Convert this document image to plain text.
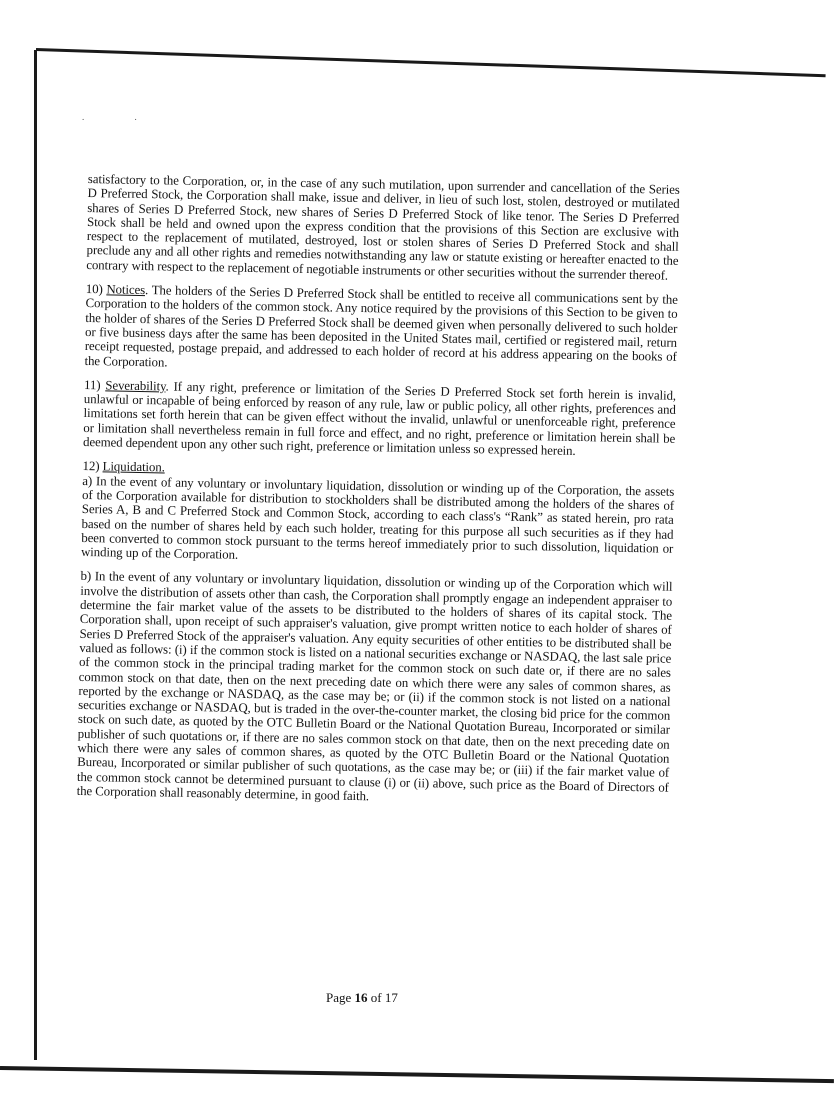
. .

satisfactory to the Corporation, or, in the case of any such mutilation, upon surrender and cancellation of the Series D Preferred Stock, the Corporation shall make, issue and deliver, in lieu of such lost, stolen, destroyed or mutilated shares of Series D Preferred Stock, new shares of Series D Preferred Stock of like tenor. The Series D Preferred Stock shall be held and owned upon the express condition that the provisions of this Section are exclusive with respect to the replacement of mutilated, destroyed, lost or stolen shares of Series D Preferred Stock and shall preclude any and all other rights and remedies notwithstanding any law or statute existing or hereafter enacted to the contrary with respect to the replacement of negotiable instruments or other securities without the surrender thereof.

10) Notices. The holders of the Series D Preferred Stock shall be entitled to receive all communications sent by the Corporation to the holders of the common stock. Any notice required by the provisions of this Section to be given to the holder of shares of the Series D Preferred Stock shall be deemed given when personally delivered to such holder or five business days after the same has been deposited in the United States mail, certified or registered mail, return receipt requested, postage prepaid, and addressed to each holder of record at his address appearing on the books of the Corporation.

11) Severability. If any right, preference or limitation of the Series D Preferred Stock set forth herein is invalid, unlawful or incapable of being enforced by reason of any rule, law or public policy, all other rights, preferences and limitations set forth herein that can be given effect without the invalid, unlawful or unenforceable right, preference or limitation shall nevertheless remain in full force and effect, and no right, preference or limitation herein shall be deemed dependent upon any other such right, preference or limitation unless so expressed herein.

12) Liquidation.
a) In the event of any voluntary or involuntary liquidation, dissolution or winding up of the Corporation, the assets of the Corporation available for distribution to stockholders shall be distributed among the holders of the shares of Series A, B and C Preferred Stock and Common Stock, according to each class's “Rank” as stated herein, pro rata based on the number of shares held by each such holder, treating for this purpose all such securities as if they had been converted to common stock pursuant to the terms hereof immediately prior to such dissolution, liquidation or winding up of the Corporation.

b) In the event of any voluntary or involuntary liquidation, dissolution or winding up of the Corporation which will involve the distribution of assets other than cash, the Corporation shall promptly engage an independent appraiser to determine the fair market value of the assets to be distributed to the holders of shares of its capital stock. The Corporation shall, upon receipt of such appraiser's valuation, give prompt written notice to each holder of shares of Series D Preferred Stock of the appraiser's valuation. Any equity securities of other entities to be distributed shall be valued as follows: (i) if the common stock is listed on a national securities exchange or NASDAQ, the last sale price of the common stock in the principal trading market for the common stock on such date or, if there are no sales common stock on that date, then on the next preceding date on which there were any sales of common shares, as reported by the exchange or NASDAQ, as the case may be; or (ii) if the common stock is not listed on a national securities exchange or NASDAQ, but is traded in the over-the-counter market, the closing bid price for the common stock on such date, as quoted by the OTC Bulletin Board or the National Quotation Bureau, Incorporated or similar publisher of such quotations or, if there are no sales common stock on that date, then on the next preceding date on which there were any sales of common shares, as quoted by the OTC Bulletin Board or the National Quotation Bureau, Incorporated or similar publisher of such quotations, as the case may be; or (iii) if the fair market value of the common stock cannot be determined pursuant to clause (i) or (ii) above, such price as the Board of Directors of the Corporation shall reasonably determine, in good faith.

Page 16 of 17
